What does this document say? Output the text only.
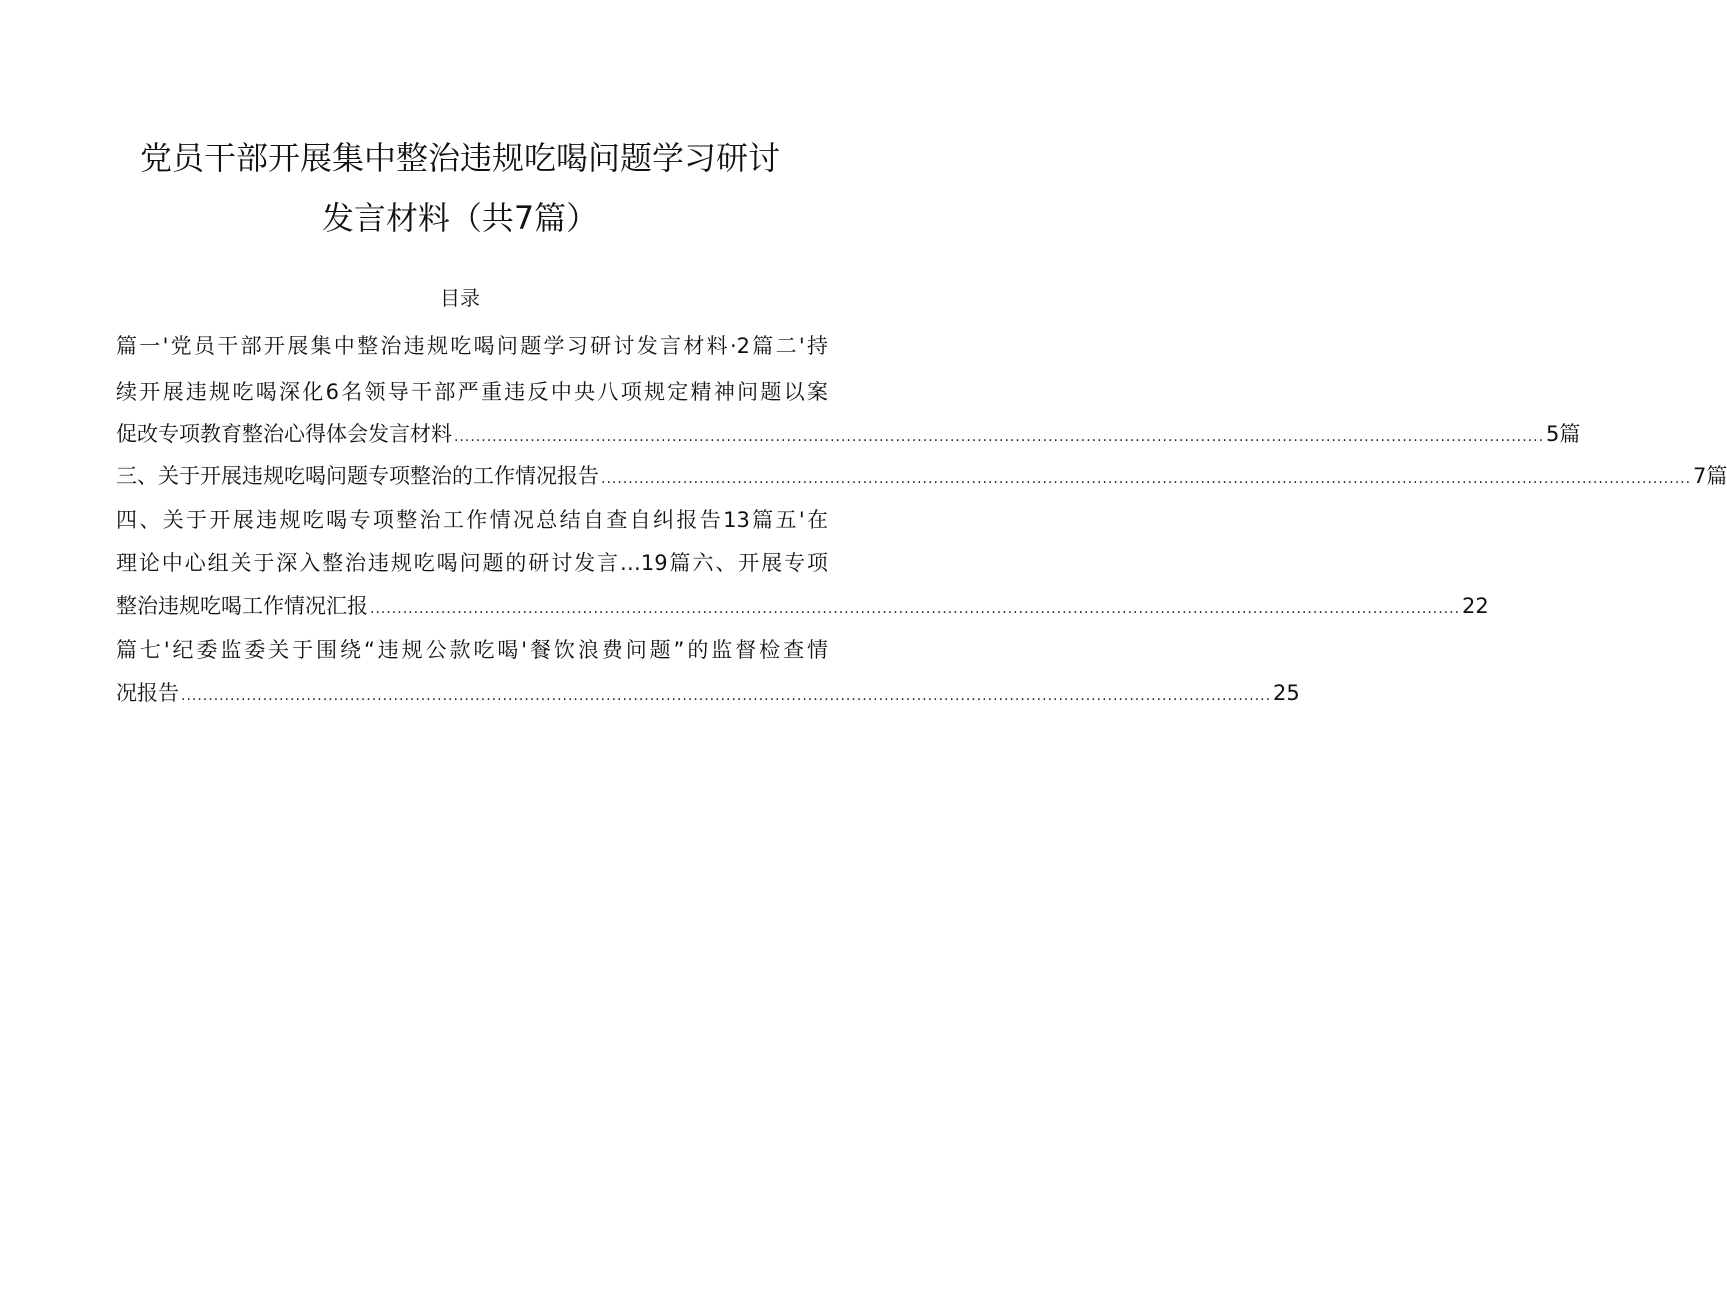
党员干部开展集中整治违规吃喝问题学习研讨
发言材料（共7篇）
目录
篇一'党员干部开展集中整治违规吃喝问题学习研讨发言材料·2篇二'持
续开展违规吃喝深化6名领导干部严重违反中央八项规定精神问题以案
促改专项教育整治心得体会发言材料 ........................................................................................................................................................................................................ 5篇
三、关于开展违规吃喝问题专项整治的工作情况报告 ........................................................................................................................................................................................................ 7篇
四、关于开展违规吃喝专项整治工作情况总结自查自纠报告13篇五'在
理论中心组关于深入整治违规吃喝问题的研讨发言…19篇六、开展专项
整治违规吃喝工作情况汇报 ........................................................................................................................................................................................................ 22
篇七'纪委监委关于围绕“违规公款吃喝'餐饮浪费问题”的监督检查情
况报告 ........................................................................................................................................................................................................ 25
